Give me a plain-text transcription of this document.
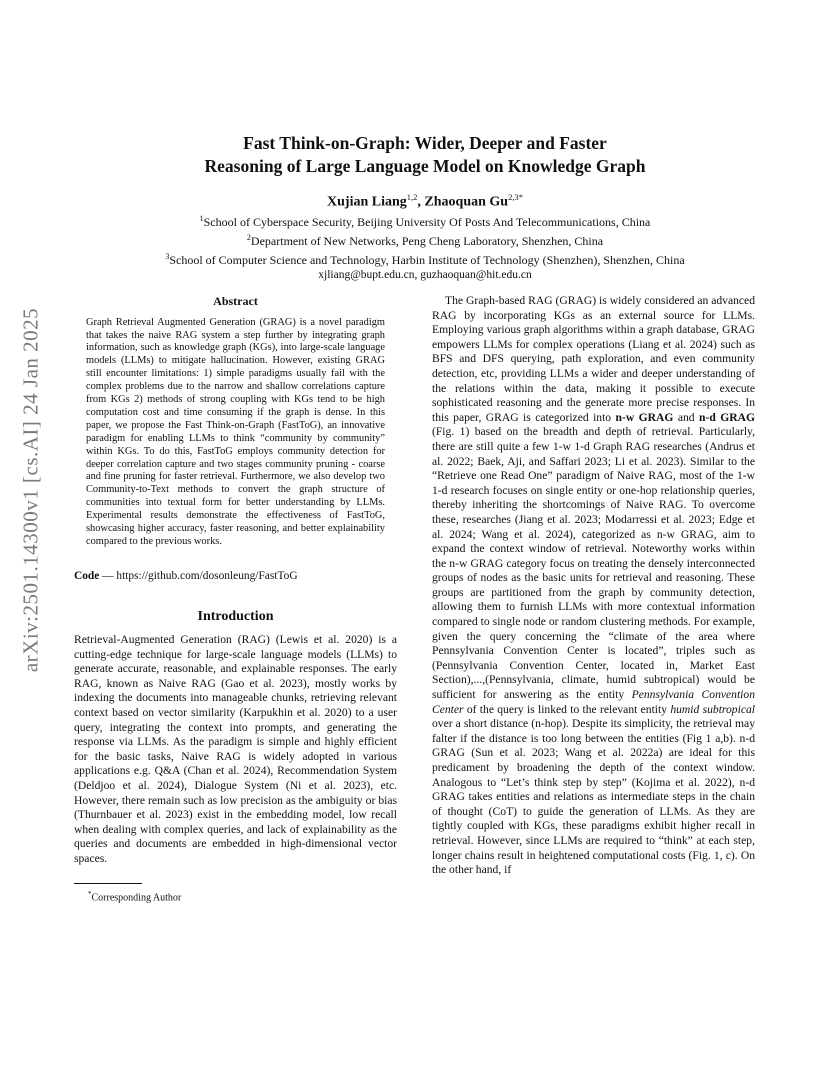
arXiv:2501.14300v1 [cs.AI] 24 Jan 2025

Fast Think-on-Graph: Wider, Deeper and Faster
Reasoning of Large Language Model on Knowledge Graph

Xujian Liang$^{1,2}$, Zhaoquan $Gu^{2,3*}$
$^1$School of Cyberspace Security, Beijing University Of Posts And Telecommunications, China
$^2$Department of New Networks, Peng Cheng Laboratory, Shenzhen, China
$^3$School of Computer Science and Technology, Harbin Institute of Technology (Shenzhen), Shenzhen, China
xjliang@bupt.edu.cn, guzhaoquan@hit.edu.cn

Abstract

Graph Retrieval Augmented Generation (GRAG) is a novel paradigm that takes the naive RAG system a step further by integrating graph information, such as knowledge graph (KGs), into large-scale language models (LLMs) to mitigate hallucination. However, existing GRAG still encounter limitations: 1) simple paradigms usually fail with the complex problems due to the narrow and shallow correlations capture from KGs 2) methods of strong coupling with KGs tend to be high computation cost and time consuming if the graph is dense. In this paper, we propose the Fast Think-on-Graph (FastToG), an innovative paradigm for enabling LLMs to think “community by community” within KGs. To do this, FastToG employs community detection for deeper correlation capture and two stages community pruning - coarse and fine pruning for faster retrieval. Furthermore, we also develop two Community-to-Text methods to convert the graph structure of communities into textual form for better understanding by LLMs. Experimental results demonstrate the effectiveness of FastToG, showcasing higher accuracy, faster reasoning, and better explainability compared to the previous works.

Code — https://github.com/dosonleung/FastToG

Introduction

Retrieval-Augmented Generation (RAG) (Lewis et al. 2020) is a cutting-edge technique for large-scale language models (LLMs) to generate accurate, reasonable, and explainable responses. The early RAG, known as Naive RAG (Gao et al. 2023), mostly works by indexing the documents into manageable chunks, retrieving relevant context based on vector similarity (Karpukhin et al. 2020) to a user query, integrating the context into prompts, and generating the response via LLMs. As the paradigm is simple and highly efficient for the basic tasks, Naive RAG is widely adopted in various applications e.g. Q&A (Chan et al. 2024), Recommendation System (Deldjoo et al. 2024), Dialogue System (Ni et al. 2023), etc. However, there remain such as low precision as the ambiguity or bias (Thurnbauer et al. 2023) exist in the embedding model, low recall when dealing with complex queries, and lack of explainability as the queries and documents are embedded in high-dimensional vector spaces.

*Corresponding Author

The Graph-based RAG (GRAG) is widely considered an advanced RAG by incorporating KGs as an external source for LLMs. Employing various graph algorithms within a graph database, GRAG empowers LLMs for complex operations (Liang et al. 2024) such as BFS and DFS querying, path exploration, and even community detection, etc, providing LLMs a wider and deeper understanding of the relations within the data, making it possible to execute sophisticated reasoning and the generate more precise responses. In this paper, GRAG is categorized into n-w GRAG and n-d GRAG (Fig. 1) based on the breadth and depth of retrieval. Particularly, there are still quite a few 1-w 1-d Graph RAG researches (Andrus et al. 2022; Baek, Aji, and Saffari 2023; Li et al. 2023). Similar to the “Retrieve one Read One” paradigm of Naive RAG, most of the 1-w 1-d research focuses on single entity or one-hop relationship queries, thereby inheriting the shortcomings of Naive RAG. To overcome these, researches (Jiang et al. 2023; Modarressi et al. 2023; Edge et al. 2024; Wang et al. 2024), categorized as n-w GRAG, aim to expand the context window of retrieval. Noteworthy works within the n-w GRAG category focus on treating the densely interconnected groups of nodes as the basic units for retrieval and reasoning. These groups are partitioned from the graph by community detection, allowing them to furnish LLMs with more contextual information compared to single node or random clustering methods. For example, given the query concerning the “climate of the area where Pennsylvania Convention Center is located”, triples such as (Pennsylvania Convention Center, located in, Market East Section),...,(Pennsylvania, climate, humid subtropical) would be sufficient for answering as the entity Pennsylvania Convention Center of the query is linked to the relevant entity humid subtropical over a short distance (n-hop). Despite its simplicity, the retrieval may falter if the distance is too long between the entities (Fig 1 a,b). n-d GRAG (Sun et al. 2023; Wang et al. 2022a) are ideal for this predicament by broadening the depth of the context window. Analogous to “Let’s think step by step” (Kojima et al. 2022), n-d GRAG takes entities and relations as intermediate steps in the chain of thought (CoT) to guide the generation of LLMs. As they are tightly coupled with KGs, these paradigms exhibit higher recall in retrieval. However, since LLMs are required to “think” at each step, longer chains result in heightened computational costs (Fig. 1, c). On the other hand, if
